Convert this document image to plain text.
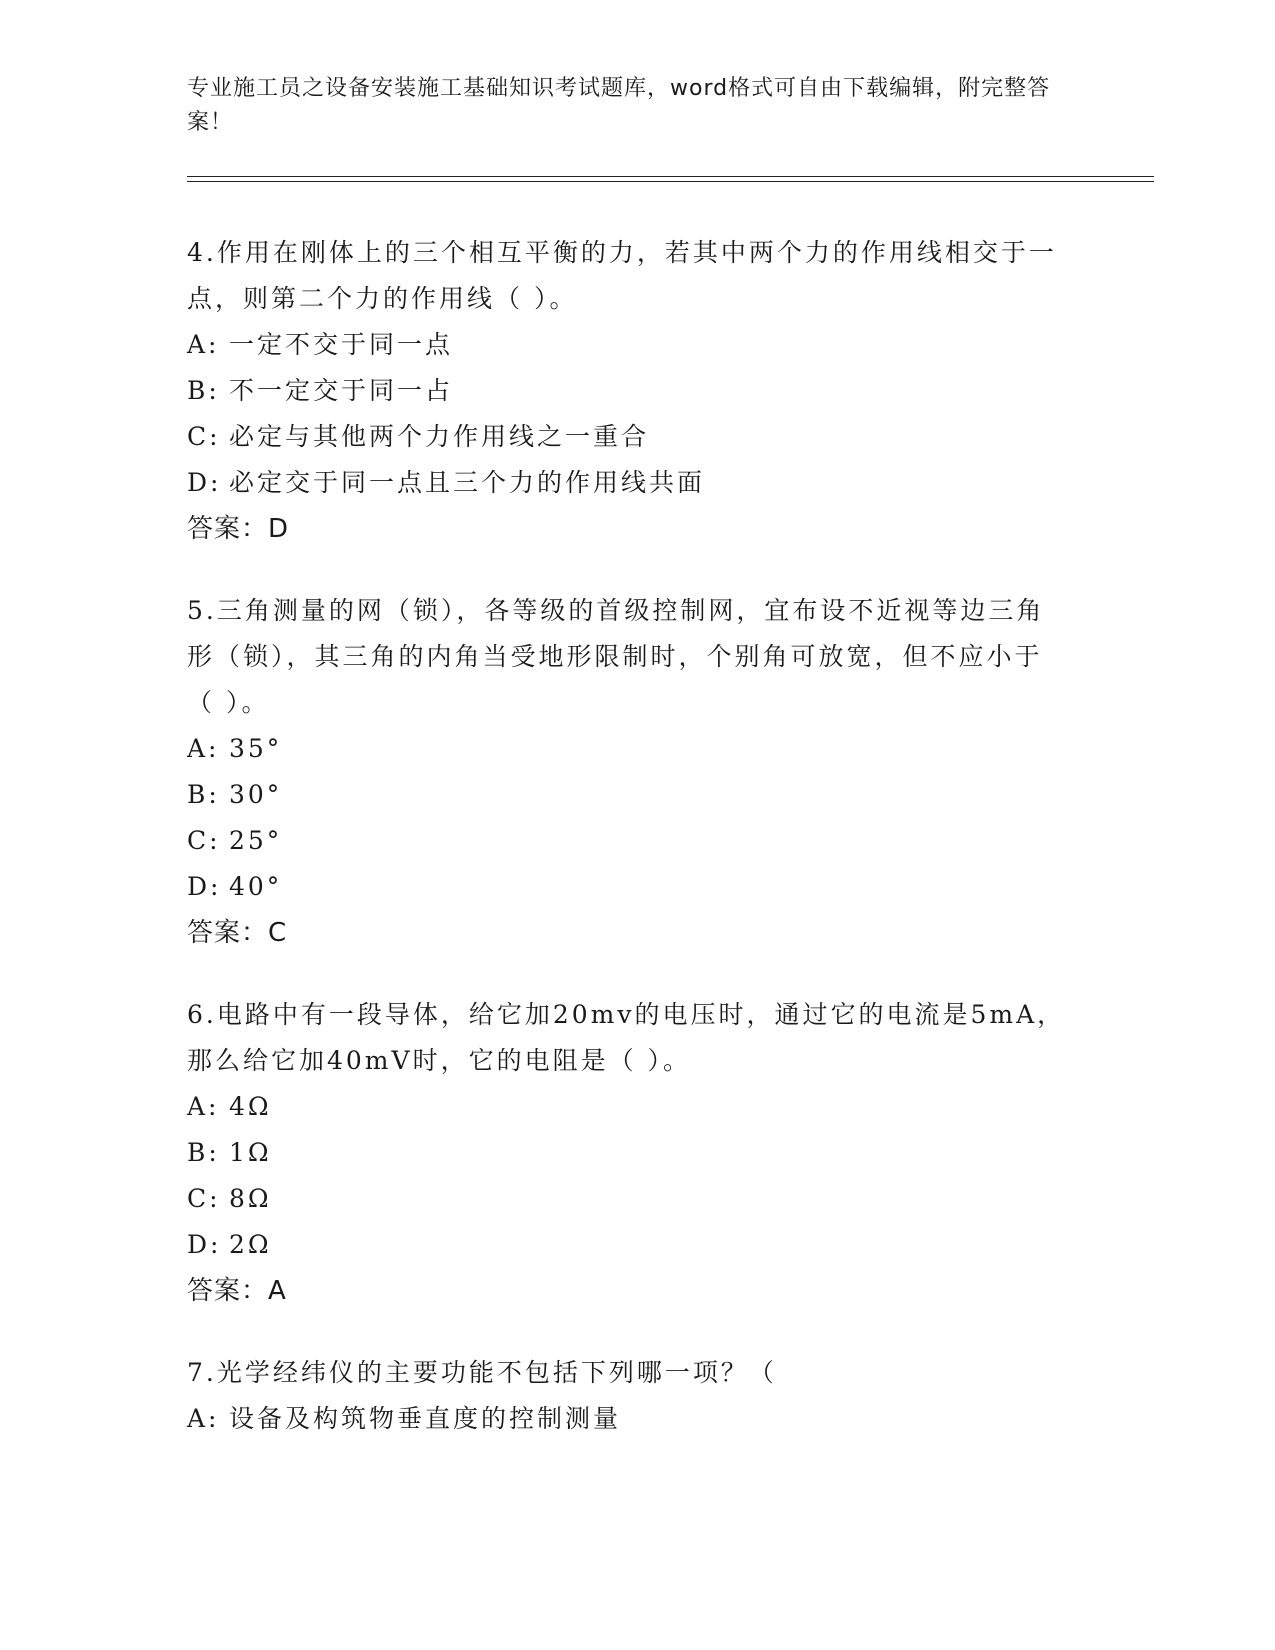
专业施工员之设备安装施工基础知识考试题库，word格式可自由下载编辑，附完整答案！
4.作用在刚体上的三个相互平衡的力，若其中两个力的作用线相交于一点，则第二个力的作用线（ ）。
A: 一定不交于同一点
B: 不一定交于同一占
C: 必定与其他两个力作用线之一重合
D: 必定交于同一点且三个力的作用线共面
答案：D
5.三角测量的网（锁），各等级的首级控制网，宜布设不近视等边三角形（锁），其三角的内角当受地形限制时，个别角可放宽，但不应小于（ ）。
A: 35°
B: 30°
C: 25°
D: 40°
答案：C
6.电路中有一段导体，给它加20mv的电压时，通过它的电流是5mA，那么给它加40mV时，它的电阻是（ ）。
A: 4Ω
B: 1Ω
C: 8Ω
D: 2Ω
答案：A
7.光学经纬仪的主要功能不包括下列哪一项？（
A: 设备及构筑物垂直度的控制测量
